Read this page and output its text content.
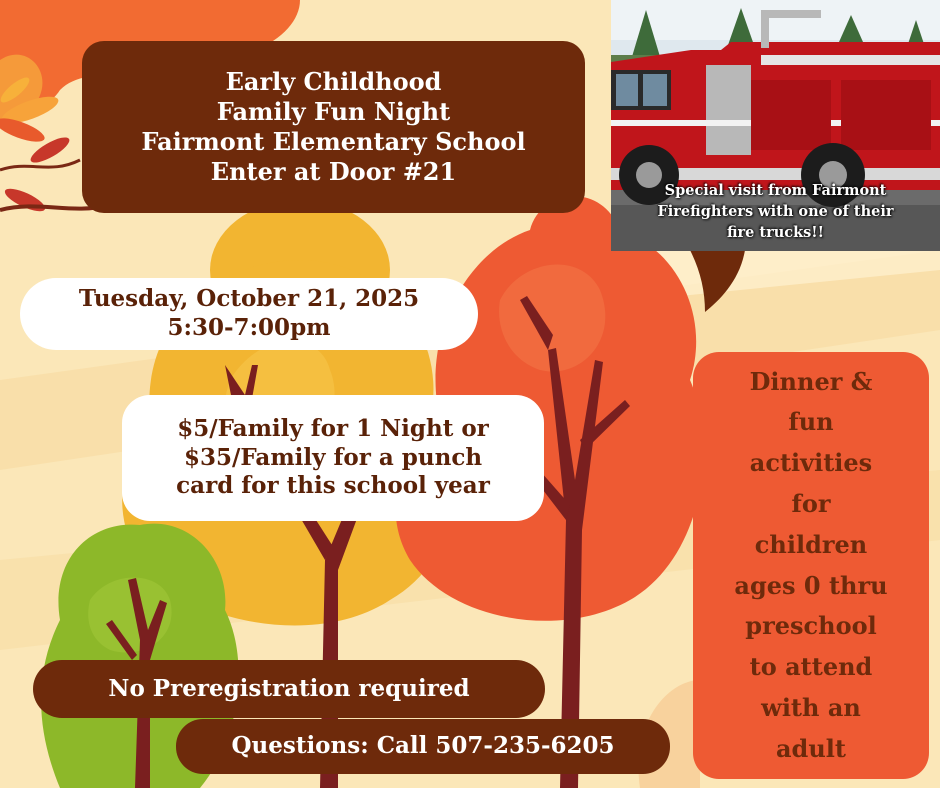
Special visit from Fairmont
Firefighters with one of their
fire trucks!!
Early Childhood
Family Fun Night
Fairmont Elementary School
Enter at Door #21
Tuesday, October 21, 2025
5:30-7:00pm
$5/Family for 1 Night or
$35/Family for a punch
card for this school year
Dinner &
fun
activities
for
children
ages 0 thru
preschool
to attend
with an
adult
No Preregistration required
Questions: Call 507-235-6205
